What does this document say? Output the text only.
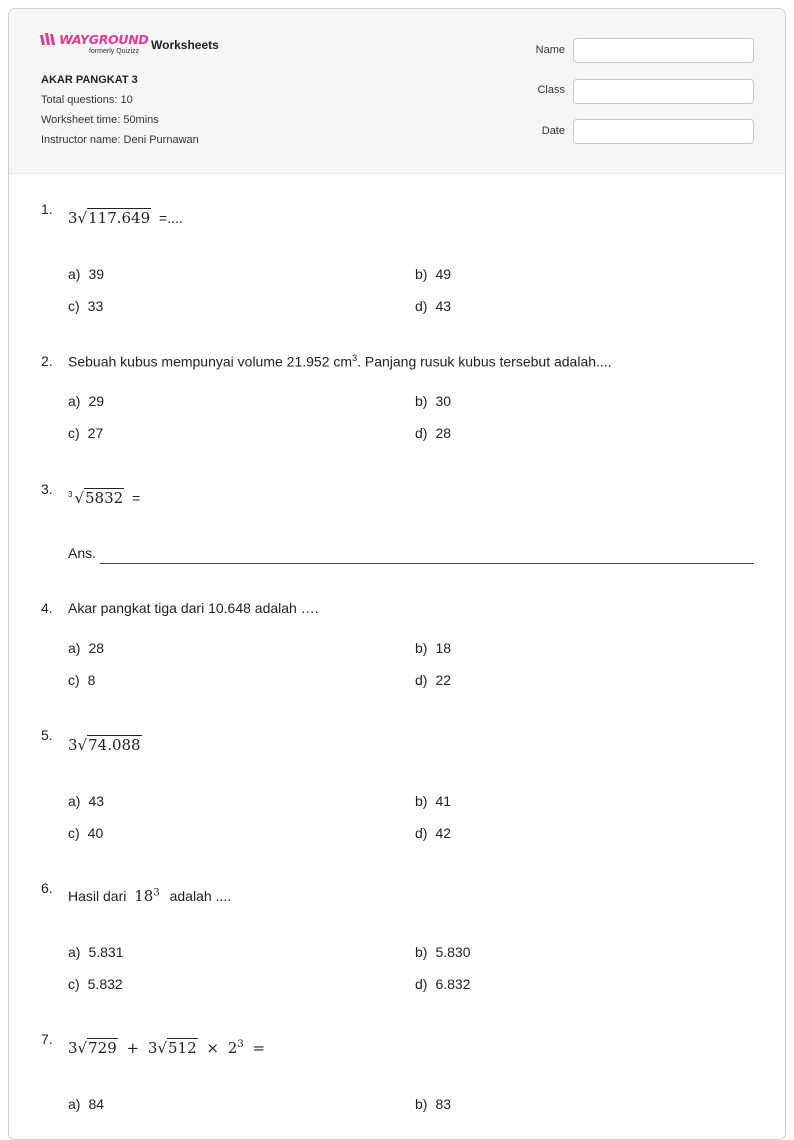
WAYGROUND
formerly Quizizz Worksheets
AKAR PANGKAT 3
Total questions: 10
Worksheet time: 50mins
Instructor name: Deni Purnawan
Name
Class
Date
1. 3√117.649 =....
a) 39	b) 49
c) 33	d) 43
2. Sebuah kubus mempunyai volume 21.952 $cm^3$. Panjang rusuk kubus tersebut adalah....
a) 29	b) 30
c) 27	d) 28
3. $^3$ √5832 =
Ans.
4. Akar pangkat tiga dari 10.648 adalah ….
a) 28	b) 18
c) 8	d) 22
5.
3√74.088
a) 43	b) 41
c) 40	d) 42
6. Hasil dari $18^3$ adalah ....
a) 5.831	b) 5.830
c) 5.832	d) 6.832
7. $3√729 + 3√512 \times 2^3$ =
a) 84	b) 83
